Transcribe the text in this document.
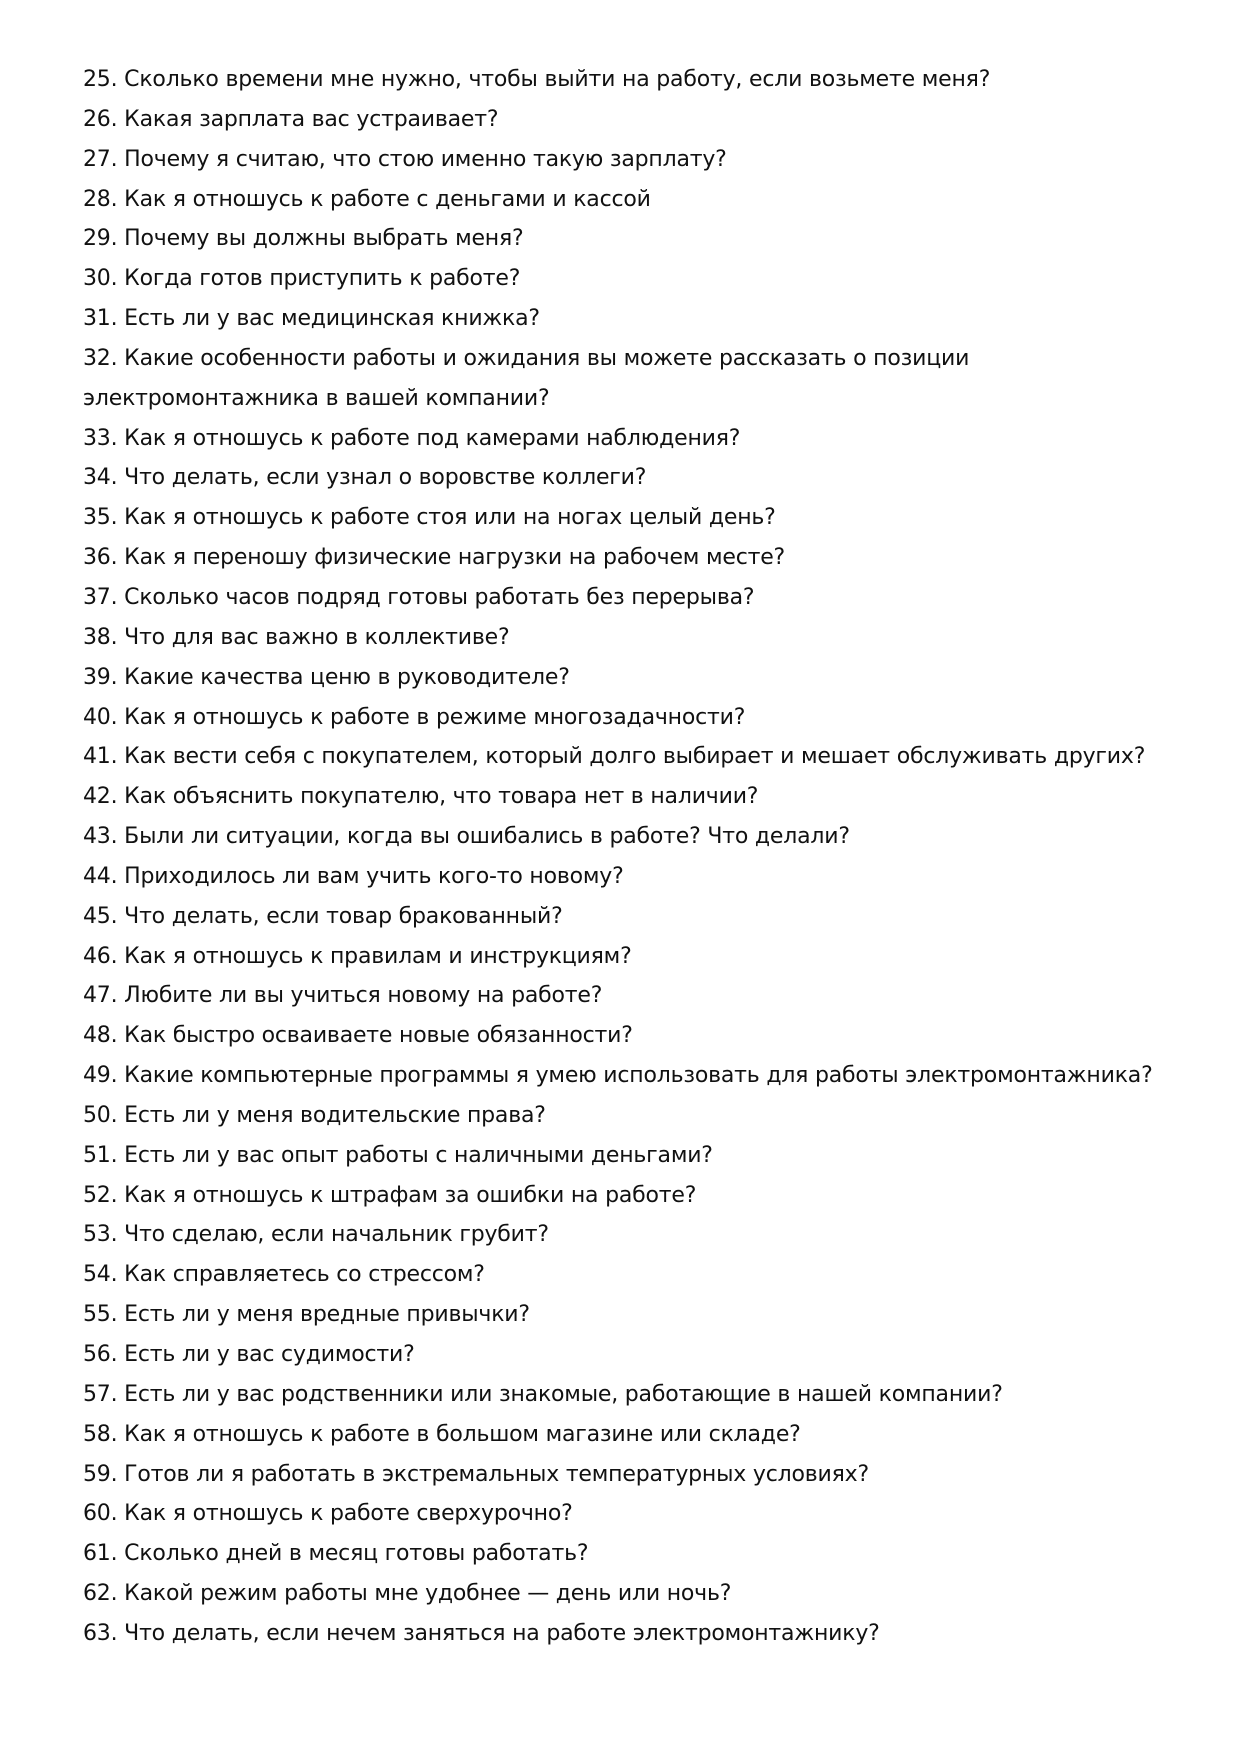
25. Сколько времени мне нужно, чтобы выйти на работу, если возьмете меня?
26. Какая зарплата вас устраивает?
27. Почему я считаю, что стою именно такую зарплату?
28. Как я отношусь к работе с деньгами и кассой
29. Почему вы должны выбрать меня?
30. Когда готов приступить к работе?
31. Есть ли у вас медицинская книжка?
32. Какие особенности работы и ожидания вы можете рассказать о позиции электромонтажника в вашей компании?
33. Как я отношусь к работе под камерами наблюдения?
34. Что делать, если узнал о воровстве коллеги?
35. Как я отношусь к работе стоя или на ногах целый день?
36. Как я переношу физические нагрузки на рабочем месте?
37. Сколько часов подряд готовы работать без перерыва?
38. Что для вас важно в коллективе?
39. Какие качества ценю в руководителе?
40. Как я отношусь к работе в режиме многозадачности?
41. Как вести себя с покупателем, который долго выбирает и мешает обслуживать других?
42. Как объяснить покупателю, что товара нет в наличии?
43. Были ли ситуации, когда вы ошибались в работе? Что делали?
44. Приходилось ли вам учить кого-то новому?
45. Что делать, если товар бракованный?
46. Как я отношусь к правилам и инструкциям?
47. Любите ли вы учиться новому на работе?
48. Как быстро осваиваете новые обязанности?
49. Какие компьютерные программы я умею использовать для работы электромонтажника?
50. Есть ли у меня водительские права?
51. Есть ли у вас опыт работы с наличными деньгами?
52. Как я отношусь к штрафам за ошибки на работе?
53. Что сделаю, если начальник грубит?
54. Как справляетесь со стрессом?
55. Есть ли у меня вредные привычки?
56. Есть ли у вас судимости?
57. Есть ли у вас родственники или знакомые, работающие в нашей компании?
58. Как я отношусь к работе в большом магазине или складе?
59. Готов ли я работать в экстремальных температурных условиях?
60. Как я отношусь к работе сверхурочно?
61. Сколько дней в месяц готовы работать?
62. Какой режим работы мне удобнее — день или ночь?
63. Что делать, если нечем заняться на работе электромонтажнику?
